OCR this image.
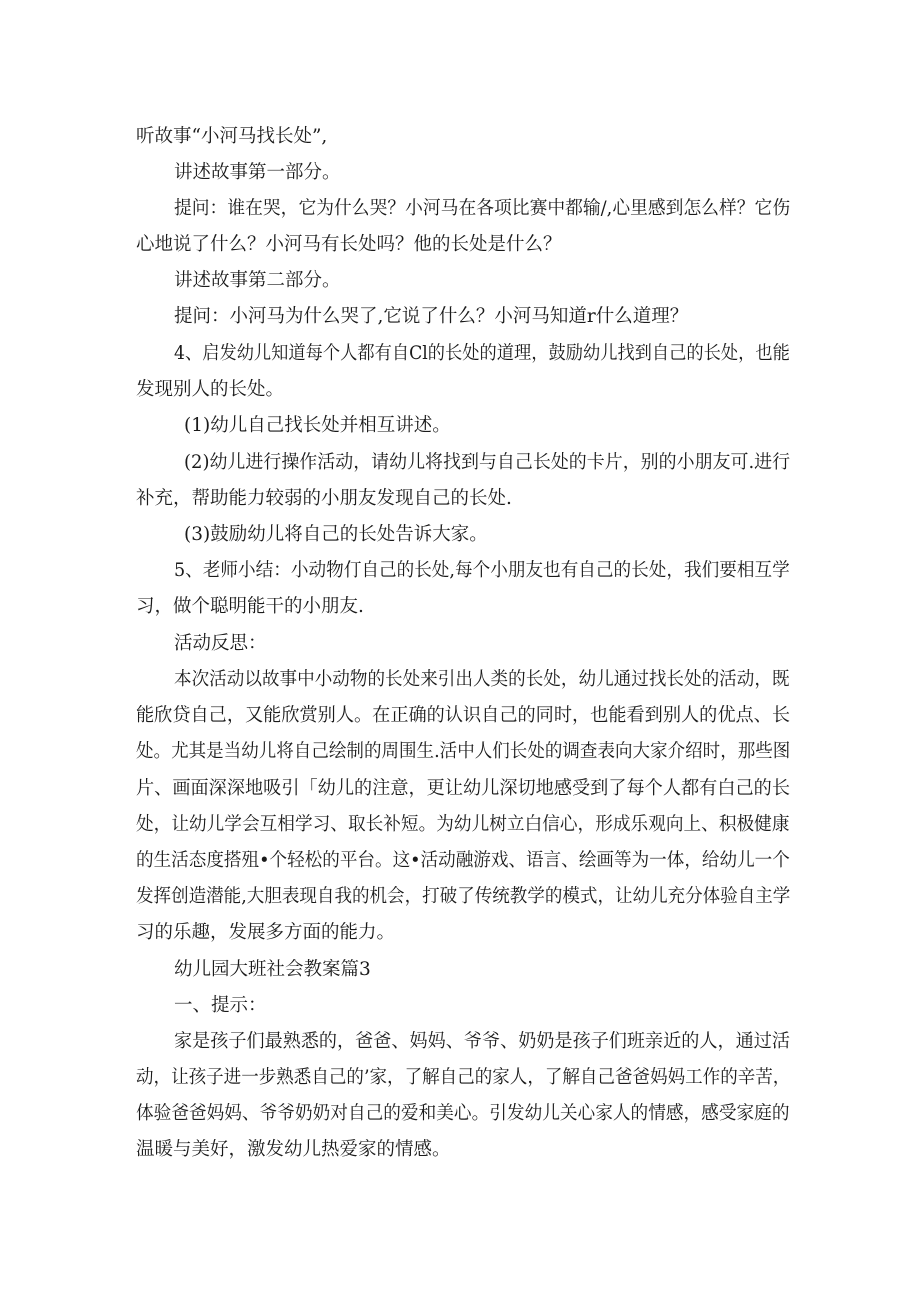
听故事“小河马找长处”,

讲述故事第一部分。

提问：谁在哭，它为什么哭？小河马在各项比赛中都输/,心里感到怎么样？它伤

心地说了什么？小河马有长处吗？他的长处是什么？

讲述故事第二部分。

提问：小河马为什么哭了,它说了什么？小河马知道r什么道理？

4、启发幼儿知道每个人都有自Cl的长处的道理，鼓励幼儿找到自己的长处，也能

发现别人的长处。

(1)幼儿自己找长处并相互讲述。

(2)幼儿进行操作活动，请幼儿将找到与自己长处的卡片，别的小朋友可.进行

补充，帮助能力较弱的小朋友发现自己的长处.

(3)鼓励幼儿将自己的长处告诉大家。

5、老师小结：小动物仃自己的长处,每个小朋友也有自己的长处，我们要相互学

习，做个聪明能干的小朋友.

活动反思：

本次活动以故事中小动物的长处来引出人类的长处，幼儿通过找长处的活动，既

能欣贷自己，又能欣赏别人。在正确的认识自己的同时，也能看到别人的优点、长

处。尤其是当幼儿将自己绘制的周围生.活中人们长处的调查表向大家介绍时，那些图

片、画面深深地吸引「幼儿的注意，更让幼儿深切地感受到了每个人都有白己的长

处，让幼儿学会互相学习、取长补短。为幼儿树立白信心，形成乐观向上、积极健康

的生活态度搭殂•个轻松的平台。这•活动融游戏、语言、绘画等为一体，给幼儿一个

发挥创造潜能,大胆表现自我的机会，打破了传统教学的模式，让幼儿充分体验自主学

习的乐趣，发展多方面的能力。

幼儿园大班社会教案篇3

一、提示：

家是孩子们最熟悉的，爸爸、妈妈、爷爷、奶奶是孩子们班亲近的人，通过活

动，让孩子进一步熟悉自己的’家，了解自己的家人，了解自己爸爸妈妈工作的辛苦，

体验爸爸妈妈、爷爷奶奶对自己的爱和美心。引发幼儿关心家人的情感，感受家庭的

温暖与美好，激发幼儿热爱家的情感。
